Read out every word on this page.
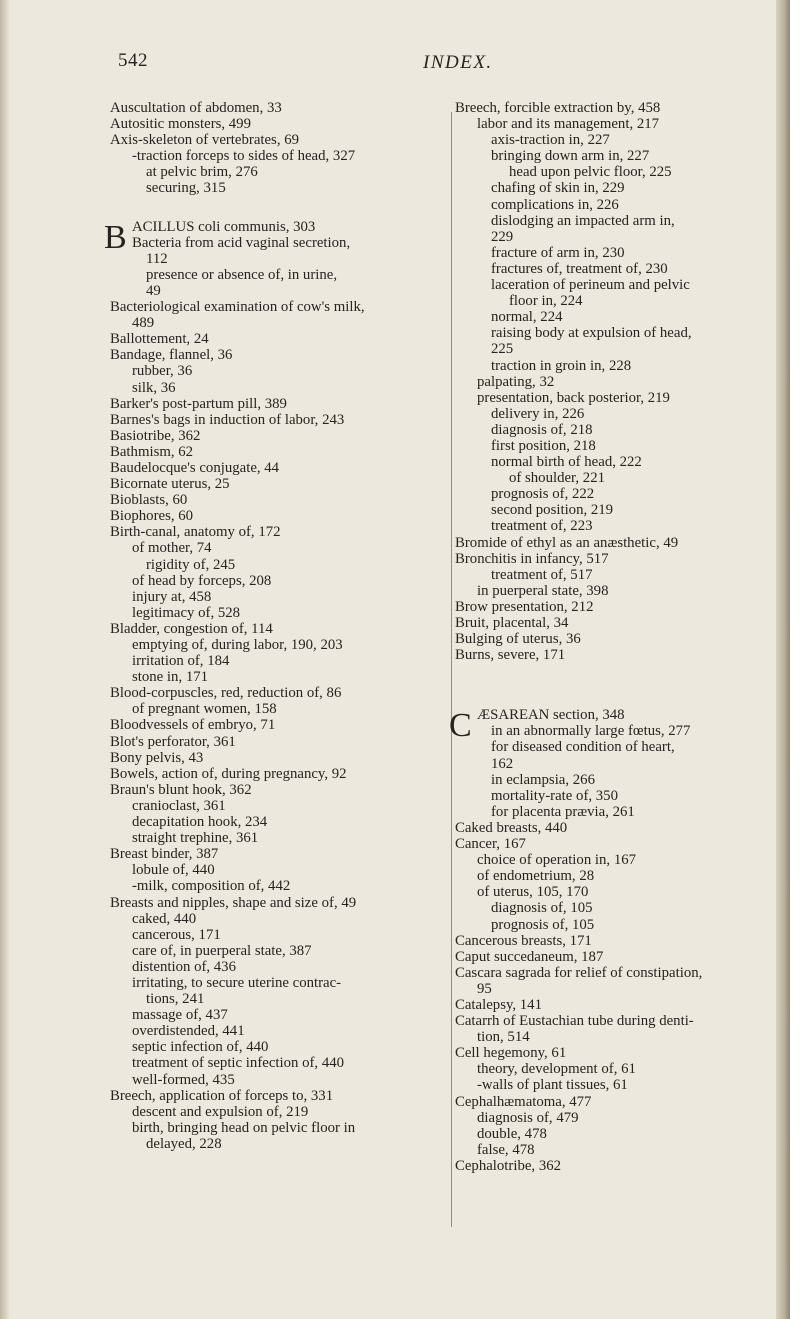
542	INDEX.
Auscultation of abdomen, 33
Autositic monsters, 499
Axis-skeleton of vertebrates, 69
-traction forceps to sides of head, 327
at pelvic brim, 276
securing, 315
B ACILLUS coli communis, 303
Bacteria from acid vaginal secretion,
112
presence or absence of, in urine,
49
Bacteriological examination of cow's milk,
489
Ballottement, 24
Bandage, flannel, 36
rubber, 36
silk, 36
Barker's post-partum pill, 389
Barnes's bags in induction of labor, 243
Basiotribe, 362
Bathmism, 62
Baudelocque's conjugate, 44
Bicornate uterus, 25
Bioblasts, 60
Biophores, 60
Birth-canal, anatomy of, 172
of mother, 74
rigidity of, 245
of head by forceps, 208
injury at, 458
legitimacy of, 528
Bladder, congestion of, 114
emptying of, during labor, 190, 203
irritation of, 184
stone in, 171
Blood-corpuscles, red, reduction of, 86
of pregnant women, 158
Bloodvessels of embryo, 71
Blot's perforator, 361
Bony pelvis, 43
Bowels, action of, during pregnancy, 92
Braun's blunt hook, 362
cranioclast, 361
decapitation hook, 234
straight trephine, 361
Breast binder, 387
lobule of, 440
-milk, composition of, 442
Breasts and nipples, shape and size of, 49
caked, 440
cancerous, 171
care of, in puerperal state, 387
distention of, 436
irritating, to secure uterine contrac-
tions, 241
massage of, 437
overdistended, 441
septic infection of, 440
treatment of septic infection of, 440
well-formed, 435
Breech, application of forceps to, 331
descent and expulsion of, 219
birth, bringing head on pelvic floor in
delayed, 228
Breech, forcible extraction by, 458
labor and its management, 217
axis-traction in, 227
bringing down arm in, 227
head upon pelvic floor, 225
chafing of skin in, 229
complications in, 226
dislodging an impacted arm in,
229
fracture of arm in, 230
fractures of, treatment of, 230
laceration of perineum and pelvic
floor in, 224
normal, 224
raising body at expulsion of head,
225
traction in groin in, 228
palpating, 32
presentation, back posterior, 219
delivery in, 226
diagnosis of, 218
first position, 218
normal birth of head, 222
of shoulder, 221
prognosis of, 222
second position, 219
treatment of, 223
Bromide of ethyl as an anæsthetic, 49
Bronchitis in infancy, 517
treatment of, 517
in puerperal state, 398
Brow presentation, 212
Bruit, placental, 34
Bulging of uterus, 36
Burns, severe, 171
C ÆSAREAN section, 348
in an abnormally large fœtus, 277
for diseased condition of heart,
162
in eclampsia, 266
mortality-rate of, 350
for placenta prævia, 261
Caked breasts, 440
Cancer, 167
choice of operation in, 167
of endometrium, 28
of uterus, 105, 170
diagnosis of, 105
prognosis of, 105
Cancerous breasts, 171
Caput succedaneum, 187
Cascara sagrada for relief of constipation,
95
Catalepsy, 141
Catarrh of Eustachian tube during denti-
tion, 514
Cell hegemony, 61
theory, development of, 61
-walls of plant tissues, 61
Cephalhæmatoma, 477
diagnosis of, 479
double, 478
false, 478
Cephalotribe, 362
